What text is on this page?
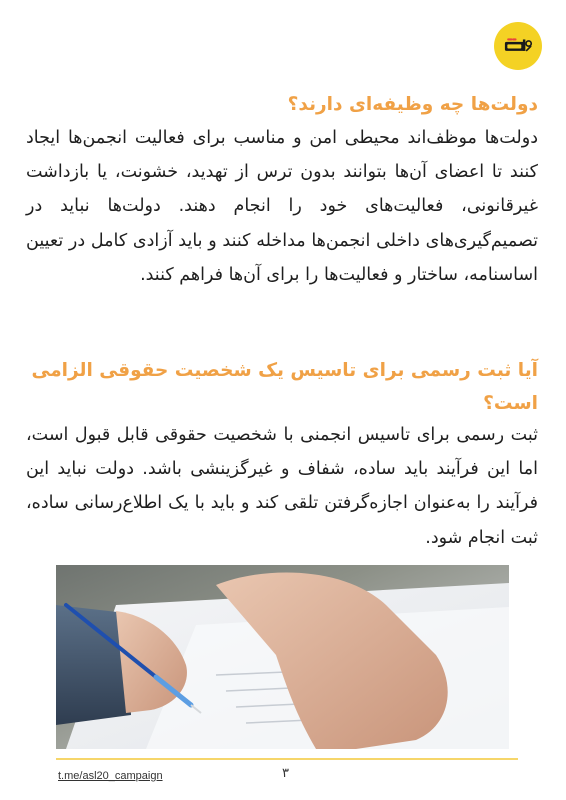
دولت‌ها چه وظیفه‌ای دارند؟

دولت‌ها موظف‌اند محیطی امن و مناسب برای فعالیت انجمن‌ها ایجاد کنند تا اعضای آن‌ها بتوانند بدون ترس از تهدید، خشونت، یا بازداشت غیرقانونی، فعالیت‌های خود را انجام دهند. دولت‌ها نباید در تصمیم‌گیری‌های داخلی انجمن‌ها مداخله کنند و باید آزادی کامل در تعیین اساسنامه، ساختار و فعالیت‌ها را برای آن‌ها فراهم کنند.

آیا ثبت رسمی برای تاسیس یک شخصیت حقوقی الزامی است؟

ثبت رسمی برای تاسیس انجمنی با شخصیت حقوقی قابل قبول است، اما این فرآیند باید ساده، شفاف و غیرگزینشی باشد. دولت نباید این فرآیند را به‌عنوان اجازه‌گرفتن تلقی کند و باید با یک اطلاع‌رسانی ساده، ثبت انجام شود.

t.me/asl20_campaign	۳
